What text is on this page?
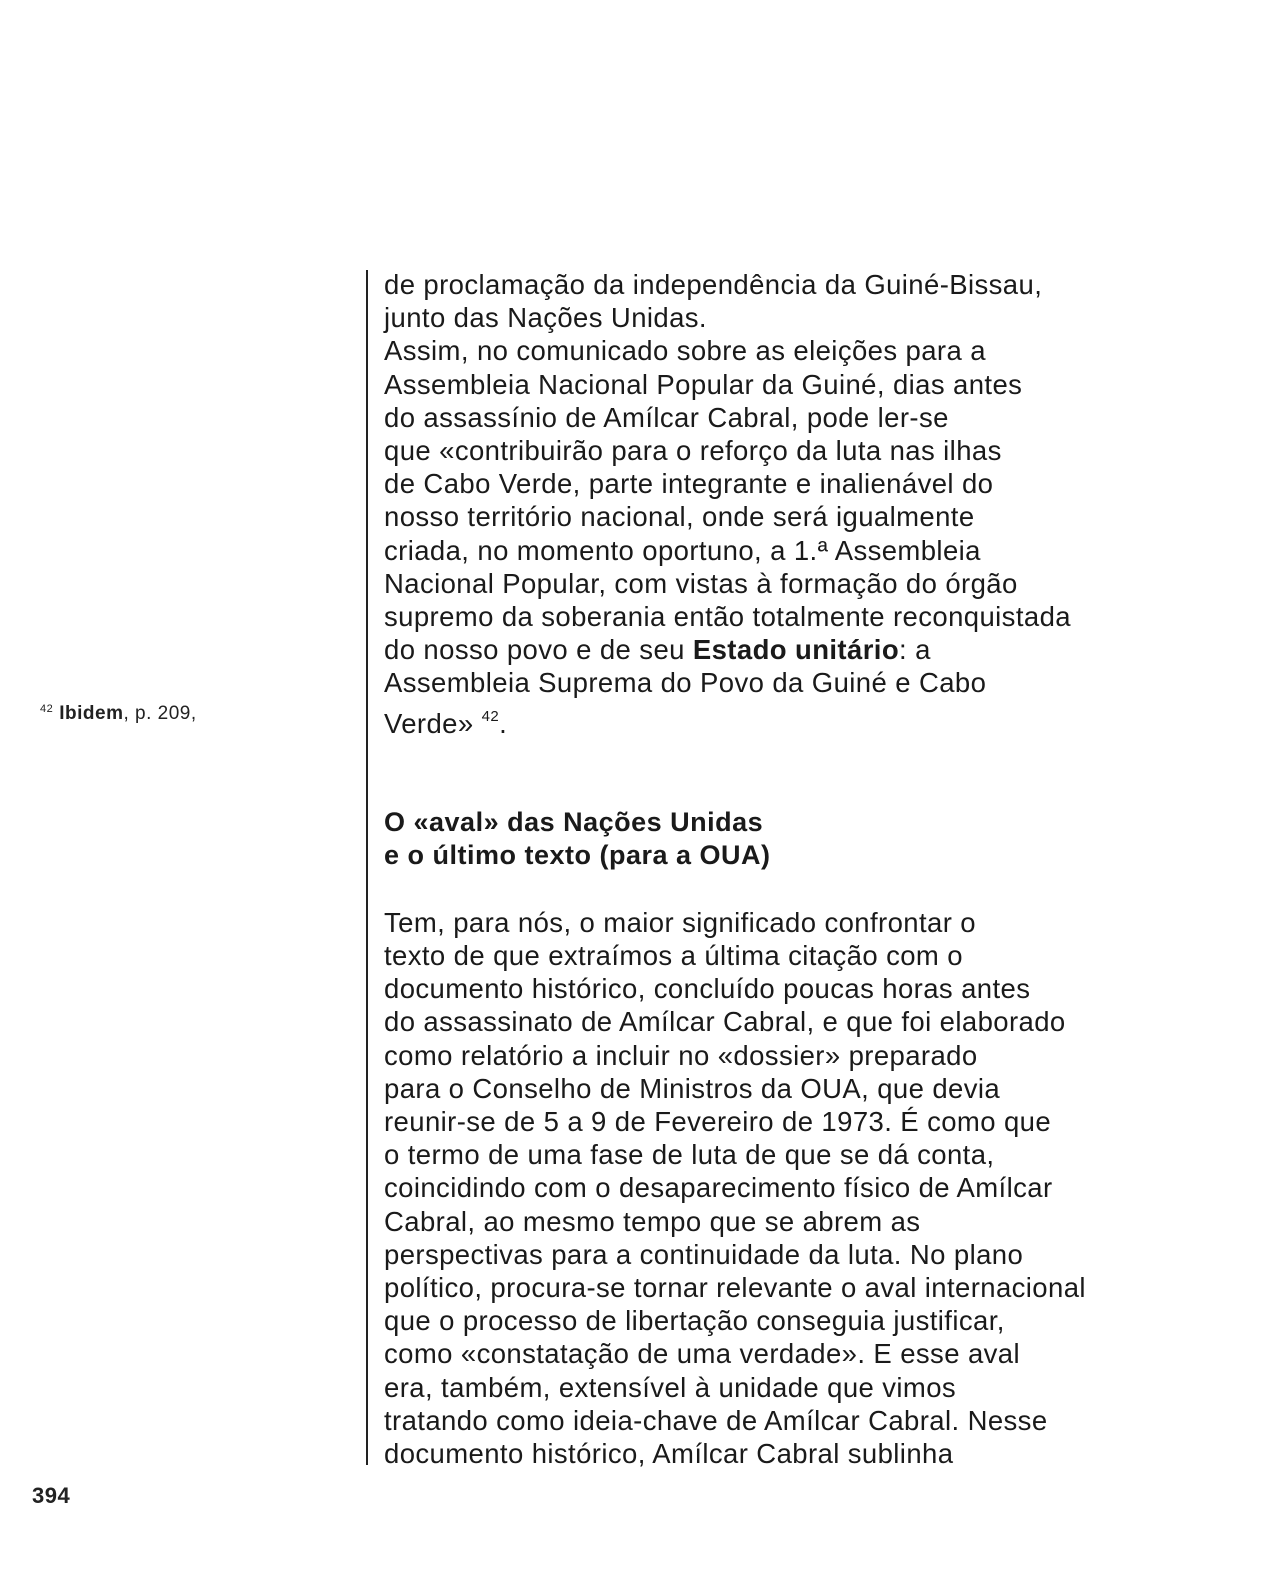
$^{42}$ Ibidem, p. 209,

de proclamação da independência da Guiné-Bissau,
junto das Nações Unidas.
Assim, no comunicado sobre as eleições para a
Assembleia Nacional Popular da Guiné, dias antes
do assassínio de Amílcar Cabral, pode ler-se
que «contribuirão para o reforço da luta nas ilhas
de Cabo Verde, parte integrante e inalienável do
nosso território nacional, onde será igualmente
criada, no momento oportuno, a 1.ª Assembleia
Nacional Popular, com vistas à formação do órgão
supremo da soberania então totalmente reconquistada
do nosso povo e de seu Estado unitário: a
Assembleia Suprema do Povo da Guiné e Cabo
Verde» $^{42}$.

O «aval» das Nações Unidas
e o último texto (para a OUA)

Tem, para nós, o maior significado confrontar o
texto de que extraímos a última citação com o
documento histórico, concluído poucas horas antes
do assassinato de Amílcar Cabral, e que foi elaborado
como relatório a incluir no «dossier» preparado
para o Conselho de Ministros da OUA, que devia
reunir-se de 5 a 9 de Fevereiro de 1973. É como que
o termo de uma fase de luta de que se dá conta,
coincidindo com o desaparecimento físico de Amílcar
Cabral, ao mesmo tempo que se abrem as
perspectivas para a continuidade da luta. No plano
político, procura-se tornar relevante o aval internacional
que o processo de libertação conseguia justificar,
como «constatação de uma verdade». E esse aval
era, também, extensível à unidade que vimos
tratando como ideia-chave de Amílcar Cabral. Nesse
documento histórico, Amílcar Cabral sublinha

394
